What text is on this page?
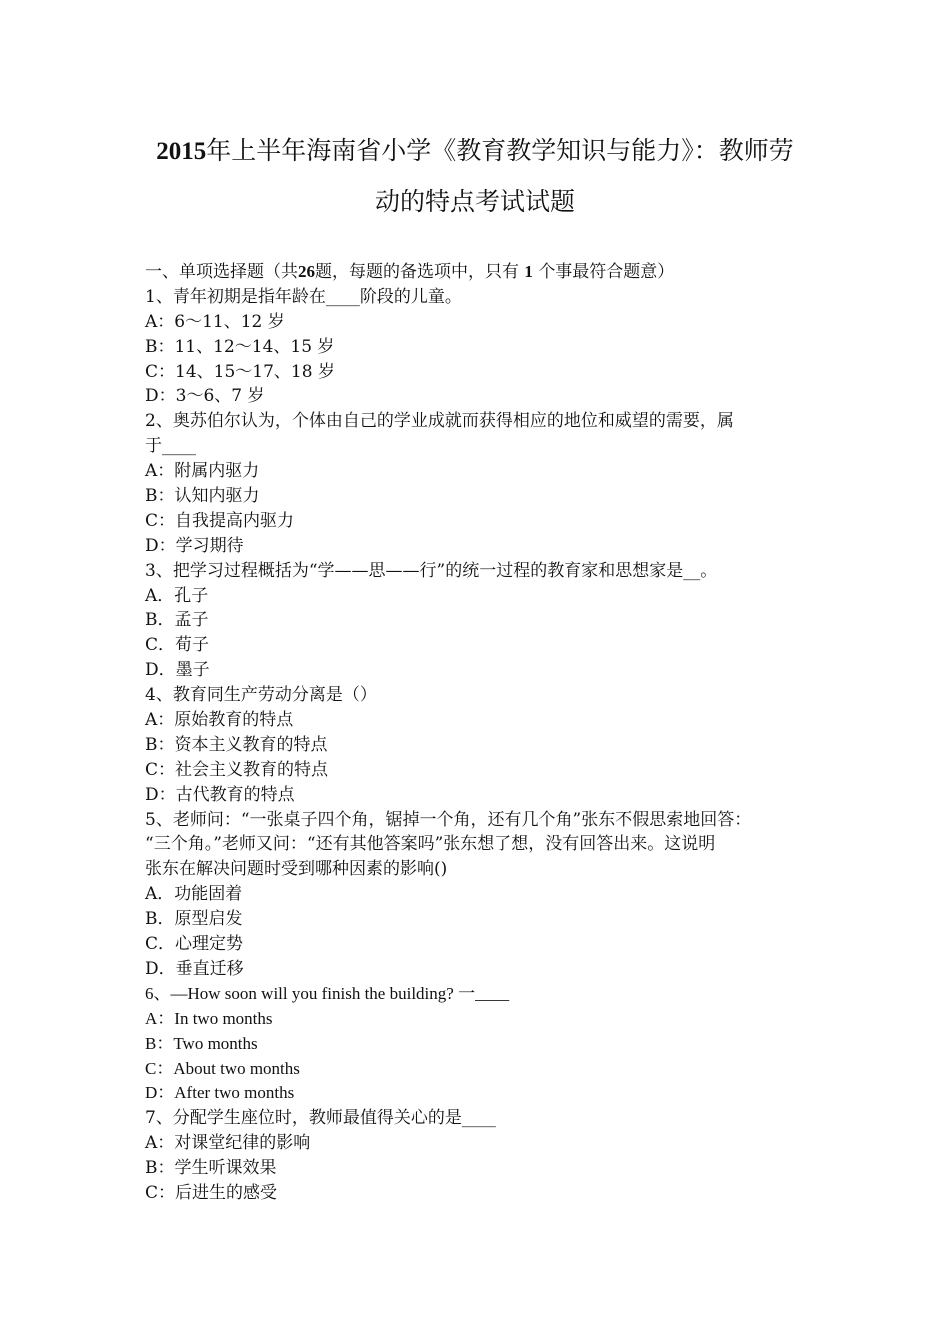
2015年上半年海南省小学《教育教学知识与能力》：教师劳
动的特点考试试题
一、单项选择题（共26题，每题的备选项中，只有 1 个事最符合题意）
1、青年初期是指年龄在____阶段的儿童。
A：6～11、12 岁
B：11、12～14、15 岁
C：14、15～17、18 岁
D：3～6、7 岁
2、奥苏伯尔认为，个体由自己的学业成就而获得相应的地位和威望的需要，属
于____
A：附属内驱力
B：认知内驱力
C：自我提高内驱力
D：学习期待
3、把学习过程概括为“学——思——行”的统一过程的教育家和思想家是__。
A．孔子
B．孟子
C．荀子
D．墨子
4、教育同生产劳动分离是（）
A：原始教育的特点
B：资本主义教育的特点
C：社会主义教育的特点
D：古代教育的特点
5、老师问：“一张桌子四个角，锯掉一个角，还有几个角”张东不假思索地回答：
“三个角。”老师又问：“还有其他答案吗”张东想了想，没有回答出来。这说明
张东在解决问题时受到哪种因素的影响()
A．功能固着
B．原型启发
C．心理定势
D．垂直迁移
6、—How soon will you finish the building? 一____
A：In two months
B：Two months
C：About two months
D：After two months
7、分配学生座位时，教师最值得关心的是____
A：对课堂纪律的影响
B：学生听课效果
C：后进生的感受
